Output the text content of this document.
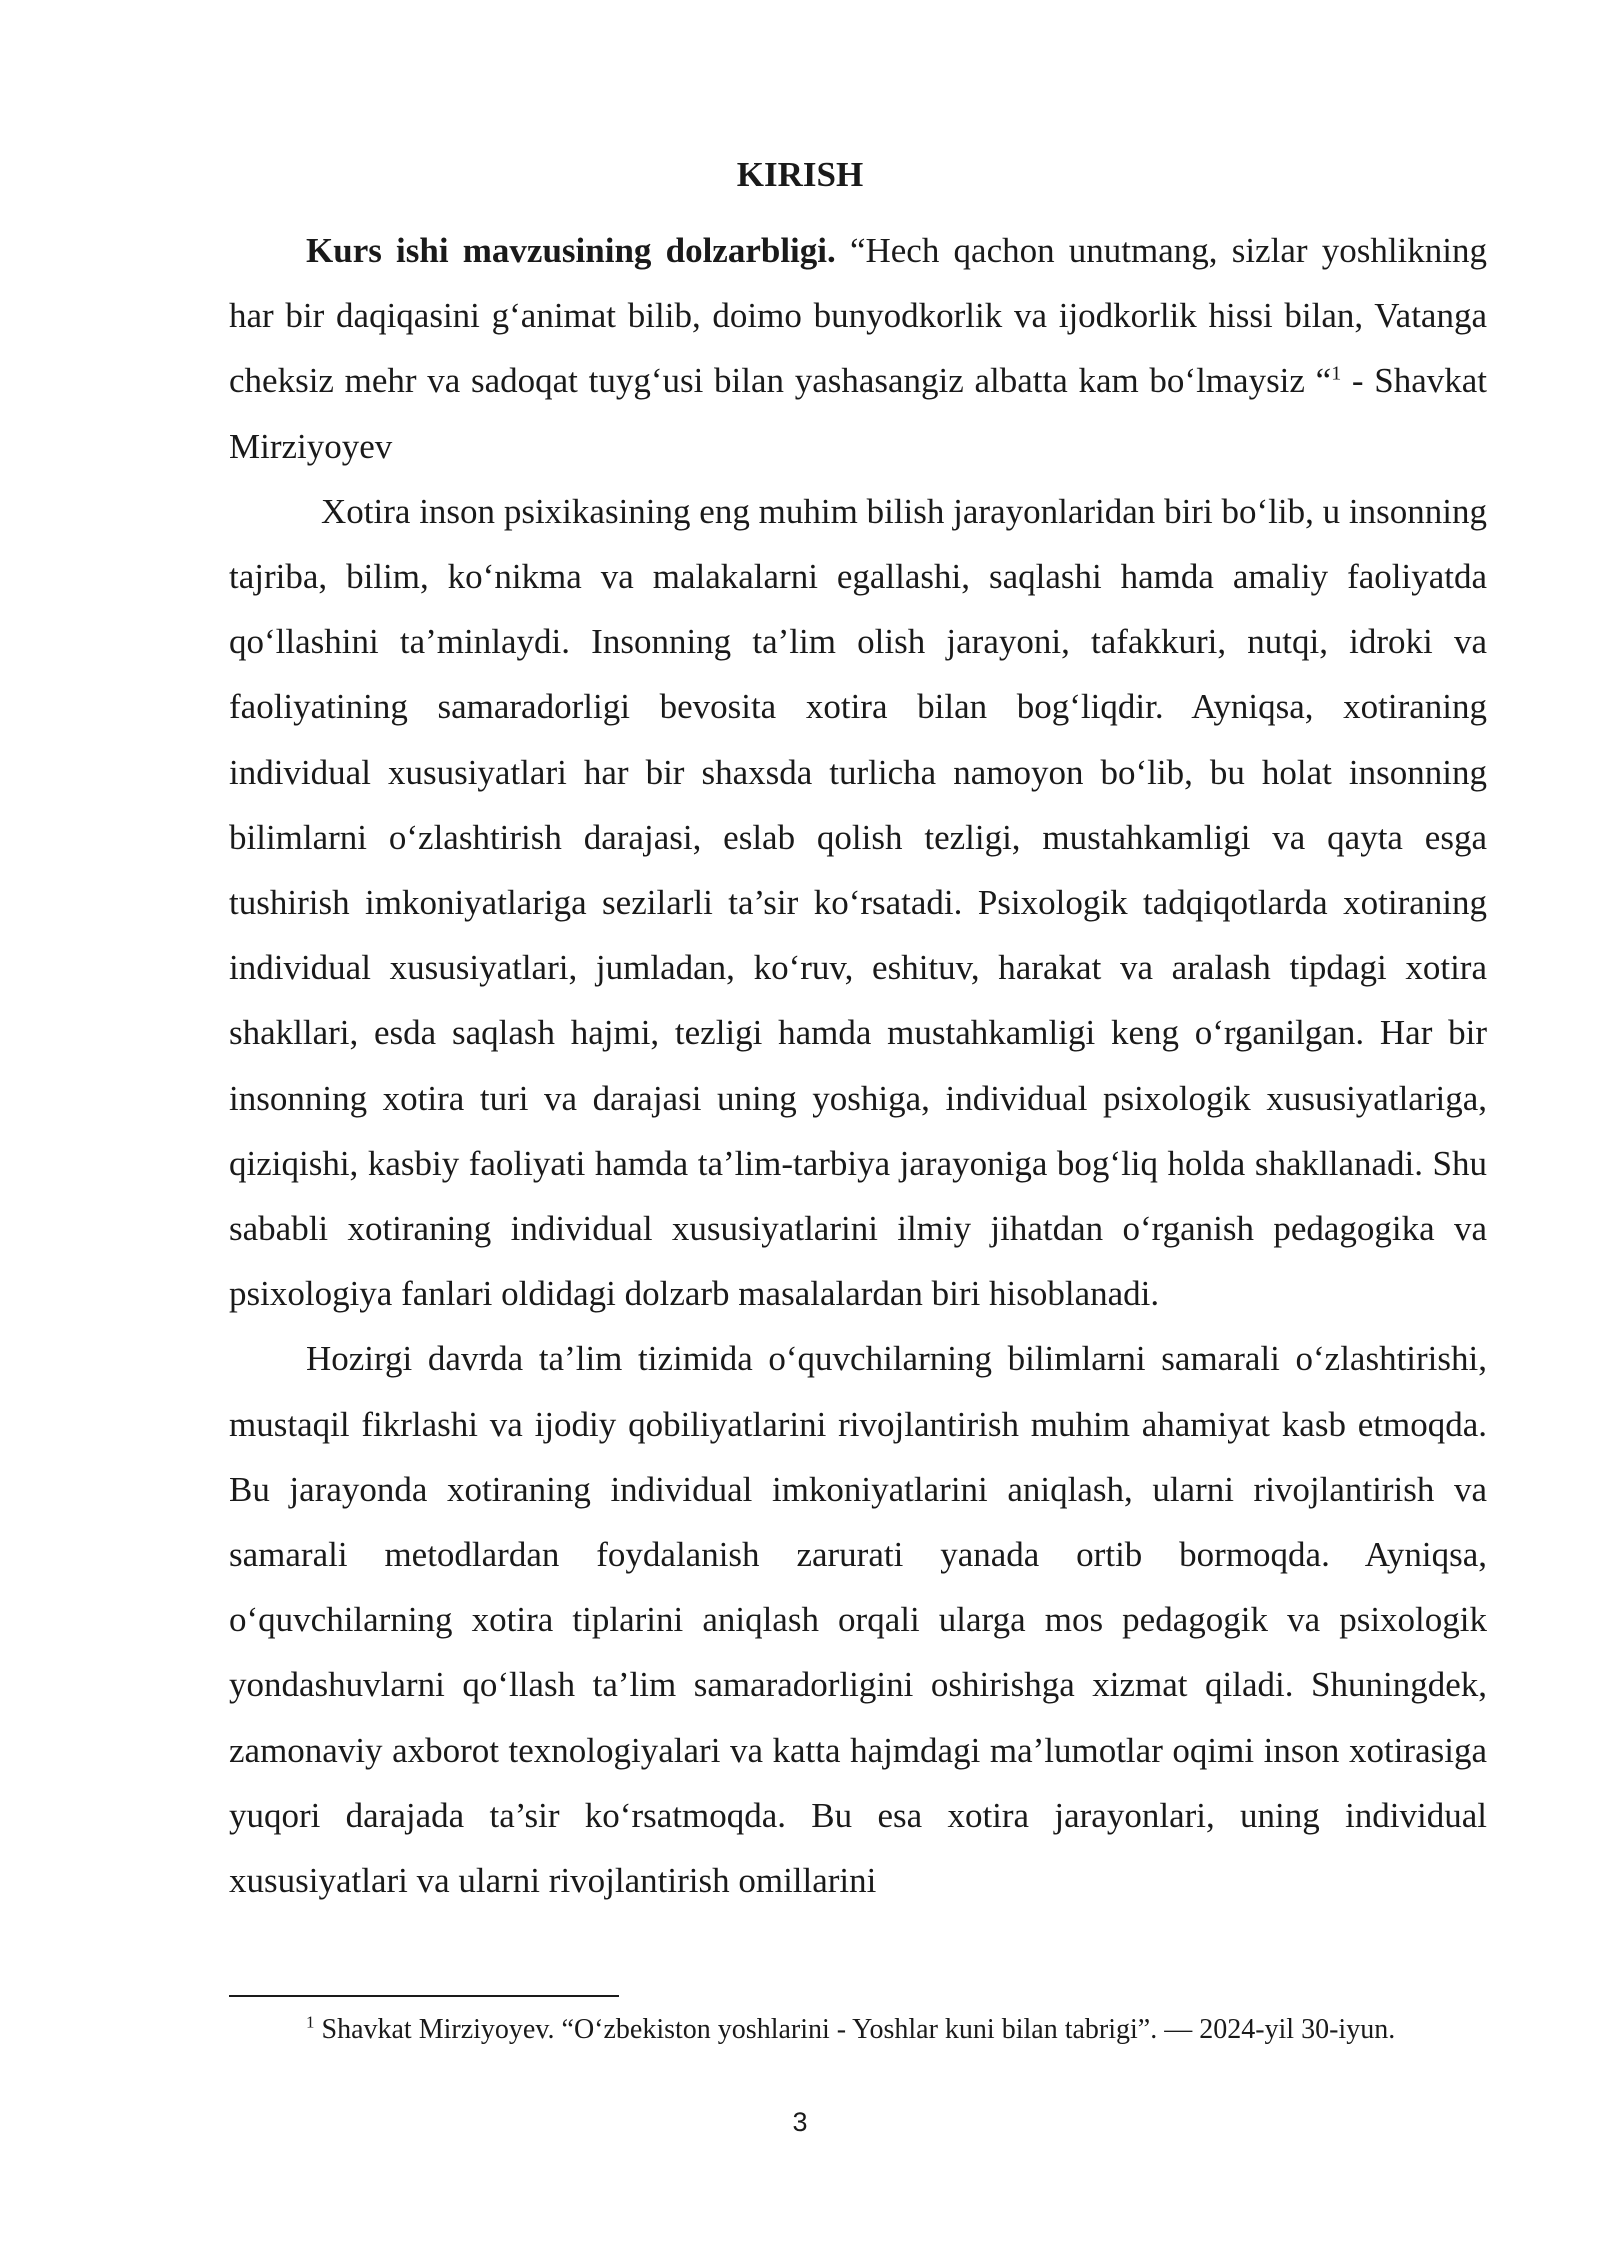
KIRISH

Kurs ishi mavzusining dolzarbligi. “Hech qachon unutmang, sizlar yoshlikning har bir daqiqasini g‘animat bilib, doimo bunyodkorlik va ijodkorlik hissi bilan, Vatanga cheksiz mehr va sadoqat tuyg‘usi bilan yashasangiz albatta kam bo‘lmaysiz “$^1$ - Shavkat Mirziyoyev

Xotira inson psixikasining eng muhim bilish jarayonlaridan biri bo‘lib, u insonning tajriba, bilim, ko‘nikma va malakalarni egallashi, saqlashi hamda amaliy faoliyatda qo‘llashini ta’minlaydi. Insonning ta’lim olish jarayoni, tafakkuri, nutqi, idroki va faoliyatining samaradorligi bevosita xotira bilan bog‘liqdir. Ayniqsa, xotiraning individual xususiyatlari har bir shaxsda turlicha namoyon bo‘lib, bu holat insonning bilimlarni o‘zlashtirish darajasi, eslab qolish tezligi, mustahkamligi va qayta esga tushirish imkoniyatlariga sezilarli ta’sir ko‘rsatadi. Psixologik tadqiqotlarda xotiraning individual xususiyatlari, jumladan, ko‘ruv, eshituv, harakat va aralash tipdagi xotira shakllari, esda saqlash hajmi, tezligi hamda mustahkamligi keng o‘rganilgan. Har bir insonning xotira turi va darajasi uning yoshiga, individual psixologik xususiyatlariga, qiziqishi, kasbiy faoliyati hamda ta’lim-tarbiya jarayoniga bog‘liq holda shakllanadi. Shu sababli xotiraning individual xususiyatlarini ilmiy jihatdan o‘rganish pedagogika va psixologiya fanlari oldidagi dolzarb masalalardan biri hisoblanadi.

Hozirgi davrda ta’lim tizimida o‘quvchilarning bilimlarni samarali o‘zlashtirishi, mustaqil fikrlashi va ijodiy qobiliyatlarini rivojlantirish muhim ahamiyat kasb etmoqda. Bu jarayonda xotiraning individual imkoniyatlarini aniqlash, ularni rivojlantirish va samarali metodlardan foydalanish zarurati yanada ortib bormoqda. Ayniqsa, o‘quvchilarning xotira tiplarini aniqlash orqali ularga mos pedagogik va psixologik yondashuvlarni qo‘llash ta’lim samaradorligini oshirishga xizmat qiladi. Shuningdek, zamonaviy axborot texnologiyalari va katta hajmdagi ma’lumotlar oqimi inson xotirasiga yuqori darajada ta’sir ko‘rsatmoqda. Bu esa xotira jarayonlari, uning individual xususiyatlari va ularni rivojlantirish omillarini

$^1$ Shavkat Mirziyoyev. “O‘zbekiston yoshlarini - Yoshlar kuni bilan tabrigi”. — 2024-yil 30-iyun.

3
